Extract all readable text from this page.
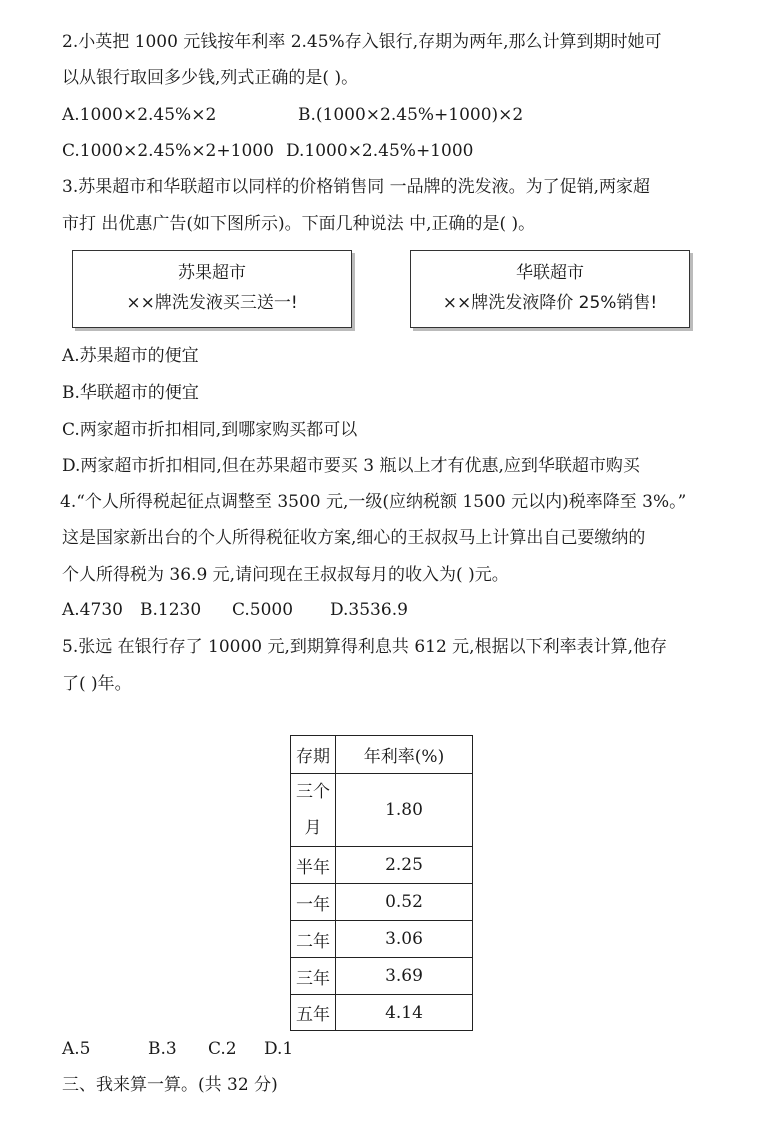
2.小英把 1000 元钱按年利率 2.45%存入银行,存期为两年,那么计算到期时她可
以从银行取回多少钱,列式正确的是( )。
A.1000×2.45%×2	B.(1000×2.45%+1000)×2
C.1000×2.45%×2+1000 D.1000×2.45%+1000
3.苏果超市和华联超市以同样的价格销售同 一品牌的洗发液。为了促销,两家超
市打 出优惠广告(如下图所示)。下面几种说法 中,正确的是( )。
苏果超市
××牌洗发液买三送一!
华联超市
××牌洗发液降价 25%销售!
A.苏果超市的便宜
B.华联超市的便宜
C.两家超市折扣相同,到哪家购买都可以
D.两家超市折扣相同,但在苏果超市要买 3 瓶以上才有优惠,应到华联超市购买
4.“个人所得税起征点调整至 3500 元,一级(应纳税额 1500 元以内)税率降至 3%。”
这是国家新出台的个人所得税征收方案,细心的王叔叔马上计算出自己要缴纳的
个人所得税为 36.9 元,请问现在王叔叔每月的收入为( )元。
A.4730 B.1230 C.5000 D.3536.9
5.张远 在银行存了 10000 元,到期算得利息共 612 元,根据以下利率表计算,他存
了( )年。
存期	年利率(%)
三个月	1.80
半年	2.25
一年	0.52
二年	3.06
三年	3.69
五年	4.14
A.5	B.3 C.2 D.1
三、我来算一算。(共 32 分)
